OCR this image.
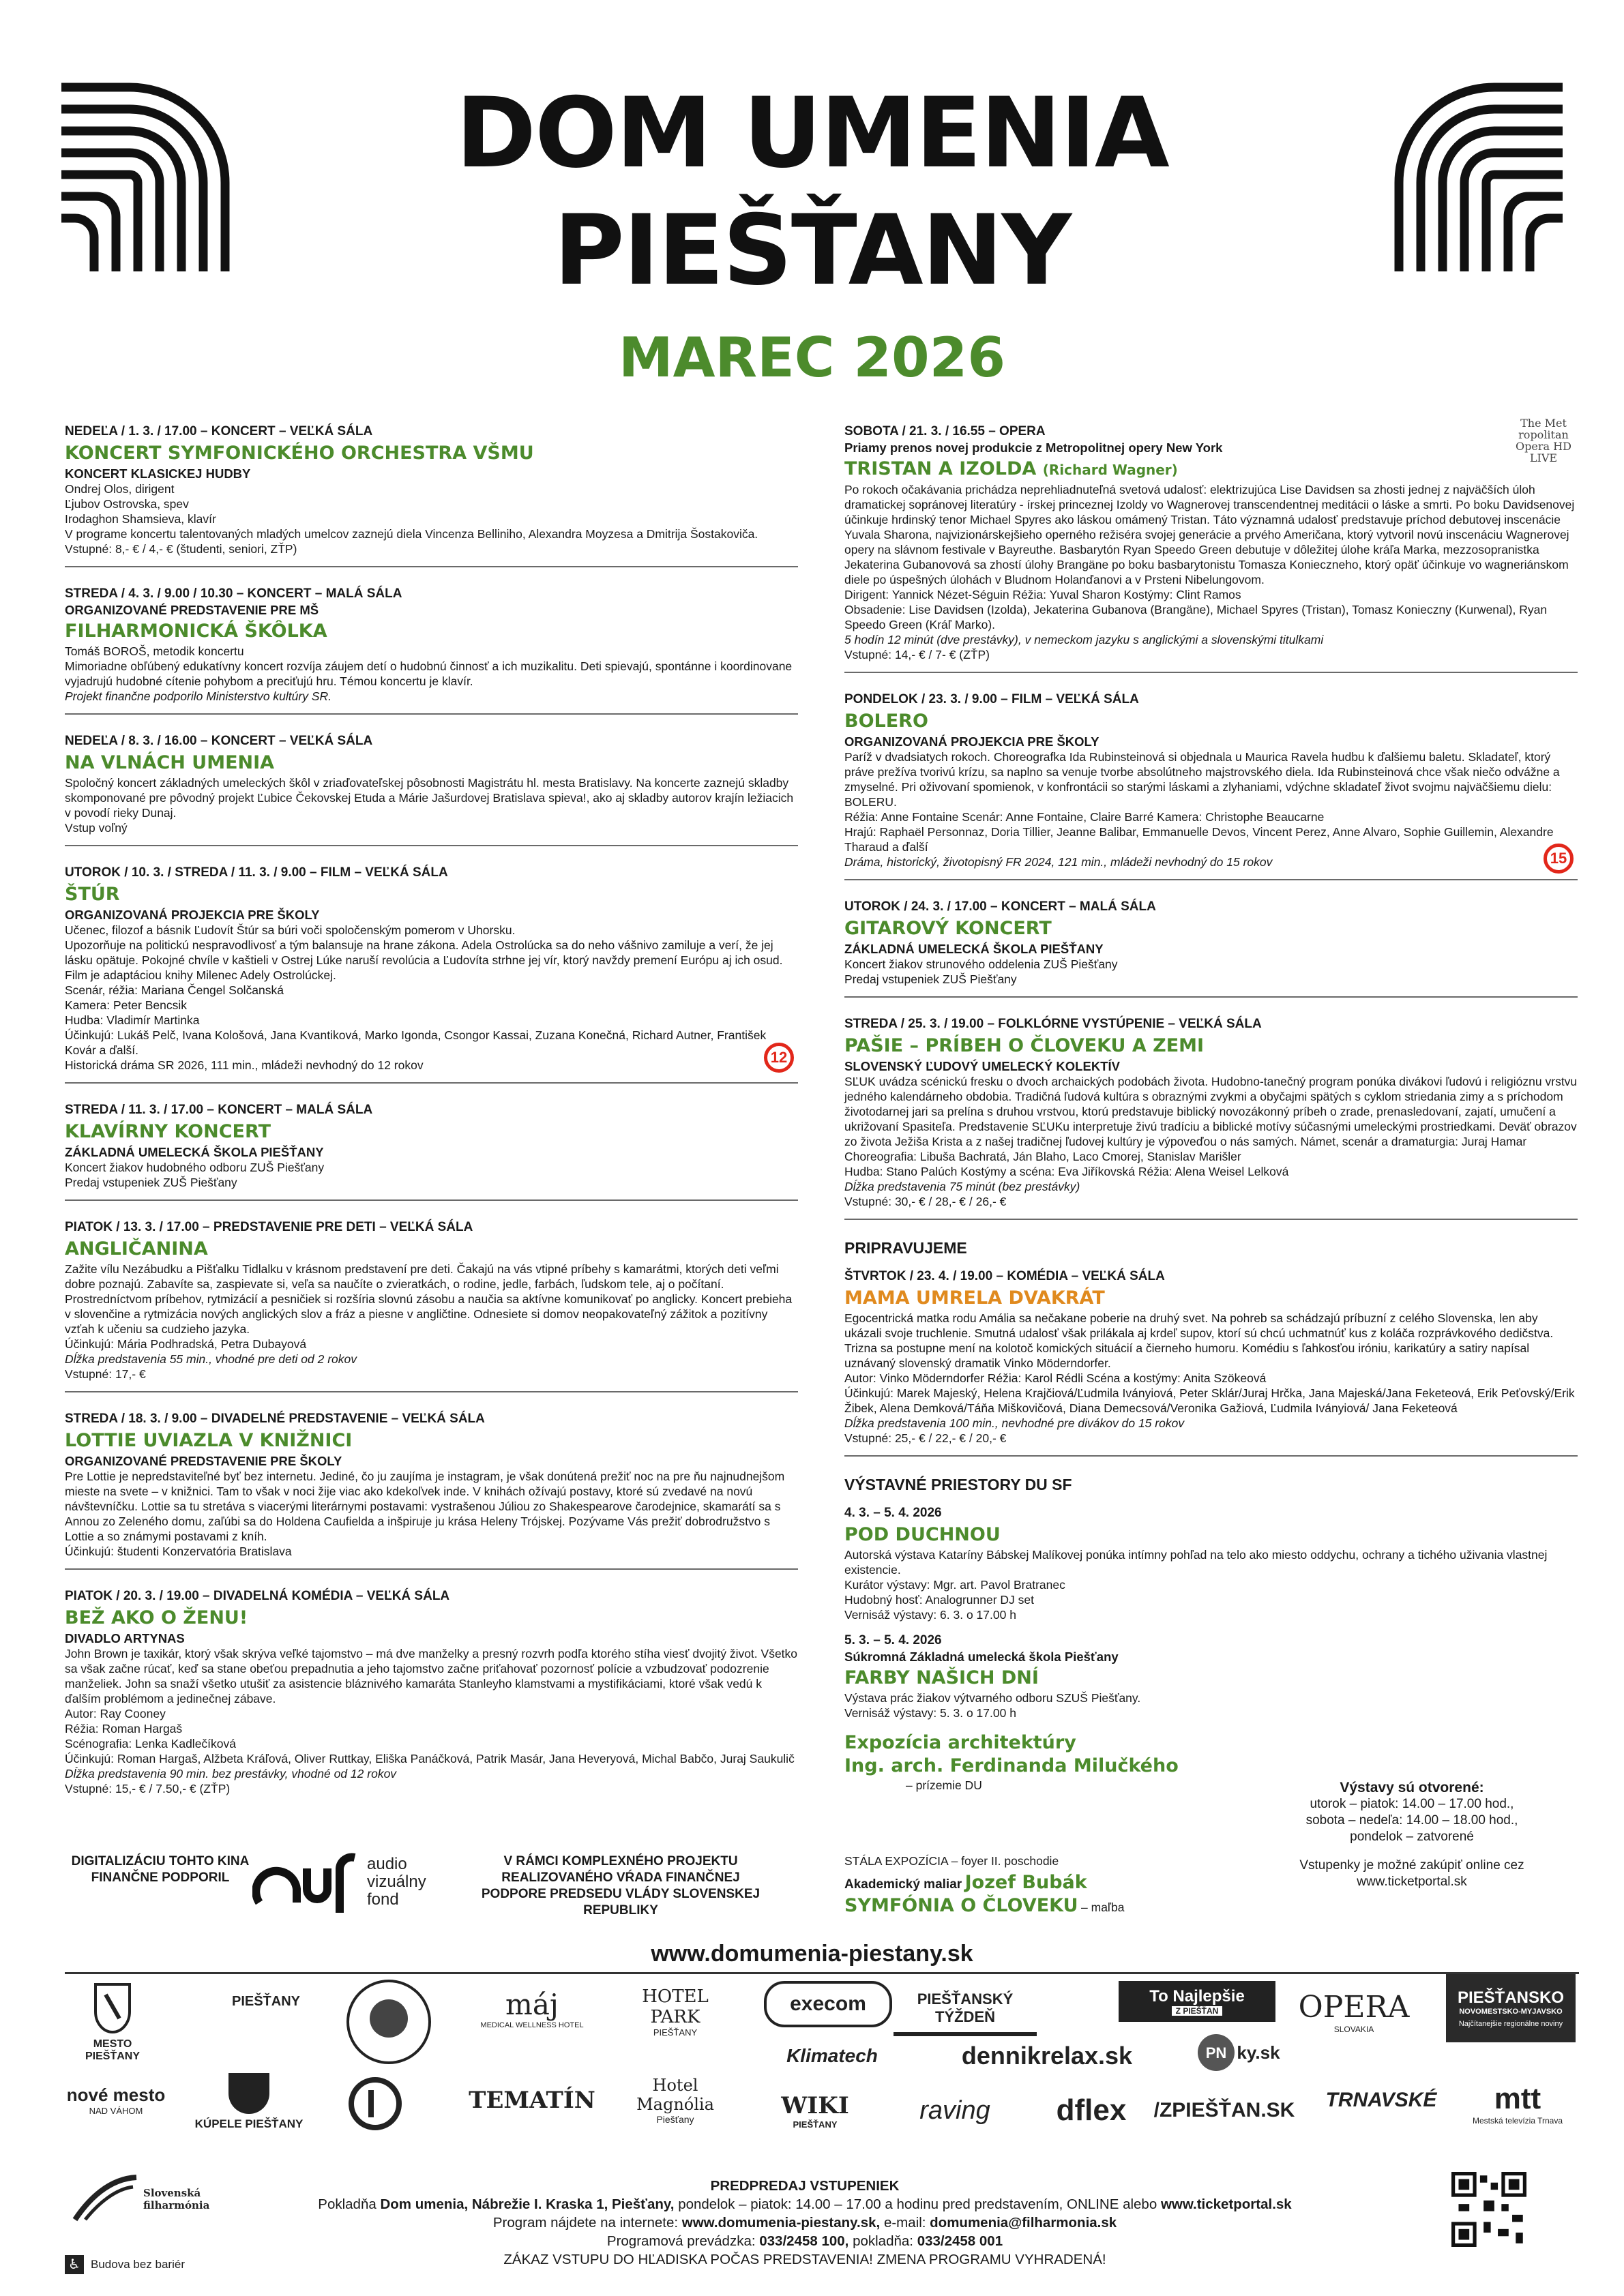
DOM UMENIA
PIEŠŤANY
MAREC 2026
NEDEĽA / 1. 3. / 17.00 – KONCERT – VEĽKÁ SÁLA
KONCERT SYMFONICKÉHO ORCHESTRA VŠMU
KONCERT KLASICKEJ HUDBY
Ondrej Olos, dirigent
Ľjubov Ostrovska, spev
Irodaghon Shamsieva, klavír
V programe koncertu talentovaných mladých umelcov zaznejú diela Vincenza Belliniho, Alexandra Moyzesa a Dmitrija Šostakoviča.
Vstupné: 8,- € / 4,- € (študenti, seniori, ZŤP)
STREDA / 4. 3. / 9.00 / 10.30 – KONCERT – MALÁ SÁLA
ORGANIZOVANÉ PREDSTAVENIE PRE MŠ
FILHARMONICKÁ ŠKÔLKA
Tomáš BOROŠ, metodik koncertu
Mimoriadne obľúbený edukatívny koncert rozvíja záujem detí o hudobnú činnosť a ich muzikalitu. Deti spievajú, spontánne i koordinovane vyjadrujú hudobné cítenie pohybom a preciťujú hru. Témou koncertu je klavír.
Projekt finančne podporilo Ministerstvo kultúry SR.
NEDEĽA / 8. 3. / 16.00 – KONCERT – VEĽKÁ SÁLA
NA VLNÁCH UMENIA
Spoločný koncert základných umeleckých škôl v zriaďovateľskej pôsobnosti Magistrátu hl. mesta Bratislavy. Na koncerte zaznejú skladby skomponované pre pôvodný projekt Ľubice Čekovskej Etuda a Márie Jašurdovej Bratislava spieva!, ako aj skladby autorov krajín ležiacich v povodí rieky Dunaj.
Vstup voľný
UTOROK / 10. 3. / STREDA / 11. 3. / 9.00 – FILM – VEĽKÁ SÁLA
ŠTÚR
ORGANIZOVANÁ PROJEKCIA PRE ŠKOLY
Učenec, filozof a básnik Ľudovít Štúr sa búri voči spoločenským pomerom v Uhorsku.
Upozorňuje na politickú nespravodlivosť a tým balansuje na hrane zákona. Adela Ostrolúcka sa do neho vášnivo zamiluje a verí, že jej lásku opätuje. Pokojné chvíle v kaštieli v Ostrej Lúke naruší revolúcia a Ľudovíta strhne jej vír, ktorý navždy premení Európu aj ich osud. Film je adaptáciou knihy Milenec Adely Ostrolúckej.
Scenár, réžia: Mariana Čengel Solčanská
Kamera: Peter Bencsik
Hudba: Vladimír Martinka
Účinkujú: Lukáš Pelč, Ivana Kološová, Jana Kvantiková, Marko Igonda, Csongor Kassai, Zuzana Konečná, Richard Autner, František Kovár a ďalší.
Historická dráma SR 2026, 111 min., mládeži nevhodný do 12 rokov	12
STREDA / 11. 3. / 17.00 – KONCERT – MALÁ SÁLA
KLAVÍRNY KONCERT
ZÁKLADNÁ UMELECKÁ ŠKOLA PIEŠŤANY
Koncert žiakov hudobného odboru ZUŠ Piešťany
Predaj vstupeniek ZUŠ Piešťany
PIATOK / 13. 3. / 17.00 – PREDSTAVENIE PRE DETI – VEĽKÁ SÁLA
ANGLIČANINA
Zažite vílu Nezábudku a Pišťalku Tidlalku v krásnom predstavení pre deti. Čakajú na vás vtipné príbehy s kamarátmi, ktorých deti veľmi dobre poznajú. Zabavíte sa, zaspievate si, veľa sa naučíte o zvieratkách, o rodine, jedle, farbách, ľudskom tele, aj o počítaní. Prostredníctvom príbehov, rytmizácií a pesničiek si rozšíria slovnú zásobu a naučia sa aktívne komunikovať po anglicky. Koncert prebieha v slovenčine a rytmizácia nových anglických slov a fráz a piesne v angličtine. Odnesiete si domov neopakovateľný zážitok a pozitívny vzťah k učeniu sa cudzieho jazyka.
Účinkujú: Mária Podhradská, Petra Dubayová
Dĺžka predstavenia 55 min., vhodné pre deti od 2 rokov
Vstupné: 17,- €
STREDA / 18. 3. / 9.00 – DIVADELNÉ PREDSTAVENIE – VEĽKÁ SÁLA
LOTTIE UVIAZLA V KNIŽNICI
ORGANIZOVANÉ PREDSTAVENIE PRE ŠKOLY
Pre Lottie je nepredstaviteľné byť bez internetu. Jediné, čo ju zaujíma je instagram, je však donútená prežiť noc na pre ňu najnudnejšom mieste na svete – v knižnici. Tam to však v noci žije viac ako kdekoľvek inde. V knihách ožívajú postavy, ktoré sú zvedavé na novú návštevníčku. Lottie sa tu stretáva s viacerými literárnymi postavami: vystrašenou Júliou zo Shakespearove čarodejnice, skamarátí sa s Annou zo Zeleného domu, zaľúbi sa do Holdena Caufielda a inšpiruje ju krása Heleny Trójskej. Pozývame Vás prežiť dobrodružstvo s Lottie a so známymi postavami z kníh.
Účinkujú: študenti Konzervatória Bratislava
PIATOK / 20. 3. / 19.00 – DIVADELNÁ KOMÉDIA – VEĽKÁ SÁLA
BEŽ AKO O ŽENU!
DIVADLO ARTYNAS
John Brown je taxikár, ktorý však skrýva veľké tajomstvo – má dve manželky a presný rozvrh podľa ktorého stíha viesť dvojitý život. Všetko sa však začne rúcať, keď sa stane obeťou prepadnutia a jeho tajomstvo začne priťahovať pozornosť polície a vzbudzovať podozrenie manželiek. John sa snaží všetko utušiť za asistencie bláznivého kamaráta Stanleyho klamstvami a mystifikáciami, ktoré však vedú k ďalším problémom a jedinečnej zábave.
Autor: Ray Cooney
Réžia: Roman Hargaš
Scénografia: Lenka Kadlečíková
Účinkujú: Roman Hargaš, Alžbeta Kráľová, Oliver Ruttkay, Eliška Panáčková, Patrik Masár, Jana Heveryová, Michal Babčo, Juraj Saukulič
Dĺžka predstavenia 90 min. bez prestávky, vhodné od 12 rokov
Vstupné: 15,- € / 7.50,- € (ZŤP)
The Met ropolitan Opera HD LIVE
SOBOTA / 21. 3. / 16.55 – OPERA
Priamy prenos novej produkcie z Metropolitnej opery New York
TRISTAN A IZOLDA (Richard Wagner)
Po rokoch očakávania prichádza neprehliadnuteľná svetová udalosť: elektrizujúca Lise Davidsen sa zhosti jednej z najväčších úloh dramatickej sopránovej literatúry - írskej princeznej Izoldy vo Wagnerovej transcendentnej meditácii o láske a smrti. Po boku Davidsenovej účinkuje hrdinský tenor Michael Spyres ako láskou omámený Tristan. Táto významná udalosť predstavuje príchod debutovej inscenácie Yuvala Sharona, najvizionárskejšieho operného režiséra svojej generácie a prvého Američana, ktorý vytvoril novú inscenáciu Wagnerovej opery na slávnom festivale v Bayreuthe. Basbarytón Ryan Speedo Green debutuje v dôležitej úlohe kráľa Marka, mezzosopranistka Jekaterina Gubanovová sa zhostí úlohy Brangäne po boku basbarytonistu Tomasza Konieczneho, ktorý opäť účinkuje vo wagneriánskom diele po úspešných úlohách v Bludnom Holanďanovi a v Prsteni Nibelungovom.
Dirigent: Yannick Nézet-Séguin Réžia: Yuval Sharon Kostýmy: Clint Ramos
Obsadenie: Lise Davidsen (Izolda), Jekaterina Gubanova (Brangäne), Michael Spyres (Tristan), Tomasz Konieczny (Kurwenal), Ryan Speedo Green (Kráľ Marko).
5 hodín 12 minút (dve prestávky), v nemeckom jazyku s anglickými a slovenskými titulkami
Vstupné: 14,- € / 7- € (ZŤP)
PONDELOK / 23. 3. / 9.00 – FILM – VEĽKÁ SÁLA
BOLERO
ORGANIZOVANÁ PROJEKCIA PRE ŠKOLY
Paríž v dvadsiatych rokoch. Choreografka Ida Rubinsteinová si objednala u Maurica Ravela hudbu k ďalšiemu baletu. Skladateľ, ktorý práve prežíva tvorivú krízu, sa naplno sa venuje tvorbe absolútneho majstrovského diela. Ida Rubinsteinová chce však niečo odvážne a zmyselné. Pri oživovaní spomienok, v konfrontácii so starými láskami a zlyhaniami, vdýchne skladateľ život svojmu najväčšiemu dielu: BOLERU.
Réžia: Anne Fontaine Scenár: Anne Fontaine, Claire Barré Kamera: Christophe Beaucarne
Hrajú: Raphaël Personnaz, Doria Tillier, Jeanne Balibar, Emmanuelle Devos, Vincent Perez, Anne Alvaro, Sophie Guillemin, Alexandre Tharaud a ďalší
Dráma, historický, životopisný FR 2024, 121 min., mládeži nevhodný do 15 rokov	15
UTOROK / 24. 3. / 17.00 – KONCERT – MALÁ SÁLA
GITAROVÝ KONCERT
ZÁKLADNÁ UMELECKÁ ŠKOLA PIEŠŤANY
Koncert žiakov strunového oddelenia ZUŠ Piešťany
Predaj vstupeniek ZUŠ Piešťany
STREDA / 25. 3. / 19.00 – FOLKLÓRNE VYSTÚPENIE – VEĽKÁ SÁLA
PAŠIE – PRÍBEH O ČLOVEKU A ZEMI
SLOVENSKÝ ĽUDOVÝ UMELECKÝ KOLEKTÍV
SĽUK uvádza scénickú fresku o dvoch archaických podobách života. Hudobno-tanečný program ponúka divákovi ľudovú i religióznu vrstvu jedného kalendárneho obdobia. Tradičná ľudová kultúra s obraznými zvykmi a obyčajmi spätých s cyklom striedania zimy a s príchodom životodarnej jari sa prelína s druhou vrstvou, ktorú predstavuje biblický novozákonný príbeh o zrade, prenasledovaní, zajatí, umučení a ukrižovaní Spasiteľa. Predstavenie SĽUKu interpretuje živú tradíciu a biblické motívy súčasnými umeleckými prostriedkami. Deväť obrazov zo života Ježiša Krista a z našej tradičnej ľudovej kultúry je výpoveďou o nás samých. Námet, scenár a dramaturgia: Juraj Hamar
Choreografia: Libuša Bachratá, Ján Blaho, Laco Cmorej, Stanislav Marišler
Hudba: Stano Palúch Kostýmy a scéna: Eva Jiříkovská Réžia: Alena Weisel Lelková
Dĺžka predstavenia 75 minút (bez prestávky)
Vstupné: 30,- € / 28,- € / 26,- €
PRIPRAVUJEME
ŠTVRTOK / 23. 4. / 19.00 – KOMÉDIA – VEĽKÁ SÁLA
MAMA UMRELA DVAKRÁT
Egocentrická matka rodu Amália sa nečakane poberie na druhý svet. Na pohreb sa schádzajú príbuzní z celého Slovenska, len aby ukázali svoje truchlenie. Smutná udalosť však prilákala aj krdeľ supov, ktorí sú chcú uchmatnúť kus z koláča rozprávkového dedičstva. Trizna sa postupne mení na kolotoč komických situácií a čierneho humoru. Komédiu s ľahkosťou iróniu, karikatúry a satiry napísal uznávaný slovenský dramatik Vinko Möderndorfer.
Autor: Vinko Möderndorfer Réžia: Karol Rédli Scéna a kostýmy: Anita Szökeová
Účinkujú: Marek Majeský, Helena Krajčiová/Ľudmila Iványiová, Peter Sklár/Juraj Hrčka, Jana Majeská/Jana Feketeová, Erik Peťovský/Erik Žibek, Alena Demková/Táňa Miškovičová, Diana Demecsová/Veronika Gažiová, Ľudmila Iványiová/ Jana Feketeová
Dĺžka predstavenia 100 min., nevhodné pre divákov do 15 rokov
Vstupné: 25,- € / 22,- € / 20,- €
VÝSTAVNÉ PRIESTORY DU SF
4. 3. – 5. 4. 2026
POD DUCHNOU
Autorská výstava Kataríny Bábskej Malíkovej ponúka intímny pohľad na telo ako miesto oddychu, ochrany a tichého uživania vlastnej existencie.
Kurátor výstavy: Mgr. art. Pavol Bratranec
Hudobný hosť: Analogrunner DJ set
Vernisáž výstavy: 6. 3. o 17.00 h
5. 3. – 5. 4. 2026
Súkromná Základná umelecká škola Piešťany
FARBY NAŠICH DNÍ
Výstava prác žiakov výtvarného odboru SZUŠ Piešťany.
Vernisáž výstavy: 5. 3. o 17.00 h
Expozícia architektúry
Ing. arch. Ferdinanda Milučkého
– prízemie DU	Výstavy sú otvorené:
utorok – piatok: 14.00 – 17.00 hod.,
sobota – nedeľa: 14.00 – 18.00 hod.,
pondelok – zatvorené
Vstupenky je možné zakúpiť online cez
www.ticketportal.sk
STÁLA EXPOZÍCIA – foyer II. poschodie
Akademický maliar Jozef Bubák
SYMFÓNIA O ČLOVEKU – maľba
DIGITALIZÁCIU TOHTO KINA FINANČNE PODPORIL
audio
vizuálny
fond
V RÁMCI KOMPLEXNÉHO PROJEKTU REALIZOVANÉHO VŔADA FINANČNEJ PODPORE PREDSEDU VLÁDY SLOVENSKEJ REPUBLIKY
www.domumenia-piestany.sk
MESTO PIEŠŤANY
PIEŠŤANY
nové mesto
NAD VÁHOM
KÚPELE PIEŠŤANY
máj
MEDICAL WELLNESS HOTEL
TEMATÍN
HOTEL PARK
PIEŠŤANY
Hotel Magnólia
Piešťany
execom
Klimatech
WIKI
PIEŠŤANY
PIEŠŤANSKÝ TÝŽDEŇ
raving
dennikrelax.sk
To Najlepšie
Z PIEŠŤAN
PN ky.sk
dflex /ZPIEŠŤAN.SK
OPERA
SLOVAKIA
TRNAVSKÉ
PIEŠŤANSKO
NOVOMESTSKO-MYJAVSKO
Najčítanejšie regionálne noviny
mtt
Mestská televízia Trnava
Slovenská filharmónia
♿ Budova bez bariér
PREDPREDAJ VSTUPENIEK
Pokladňa Dom umenia, Nábrežie I. Kraska 1, Piešťany, pondelok – piatok: 14.00 – 17.00 a hodinu pred predstavením, ONLINE alebo www.ticketportal.sk
Program nájdete na internete: www.domumenia-piestany.sk, e-mail: domumenia@filharmonia.sk
Programová prevádzka: 033/2458 100, pokladňa: 033/2458 001
ZÁKAZ VSTUPU DO HĽADISKA POČAS PREDSTAVENIA! ZMENA PROGRAMU VYHRADENÁ!
